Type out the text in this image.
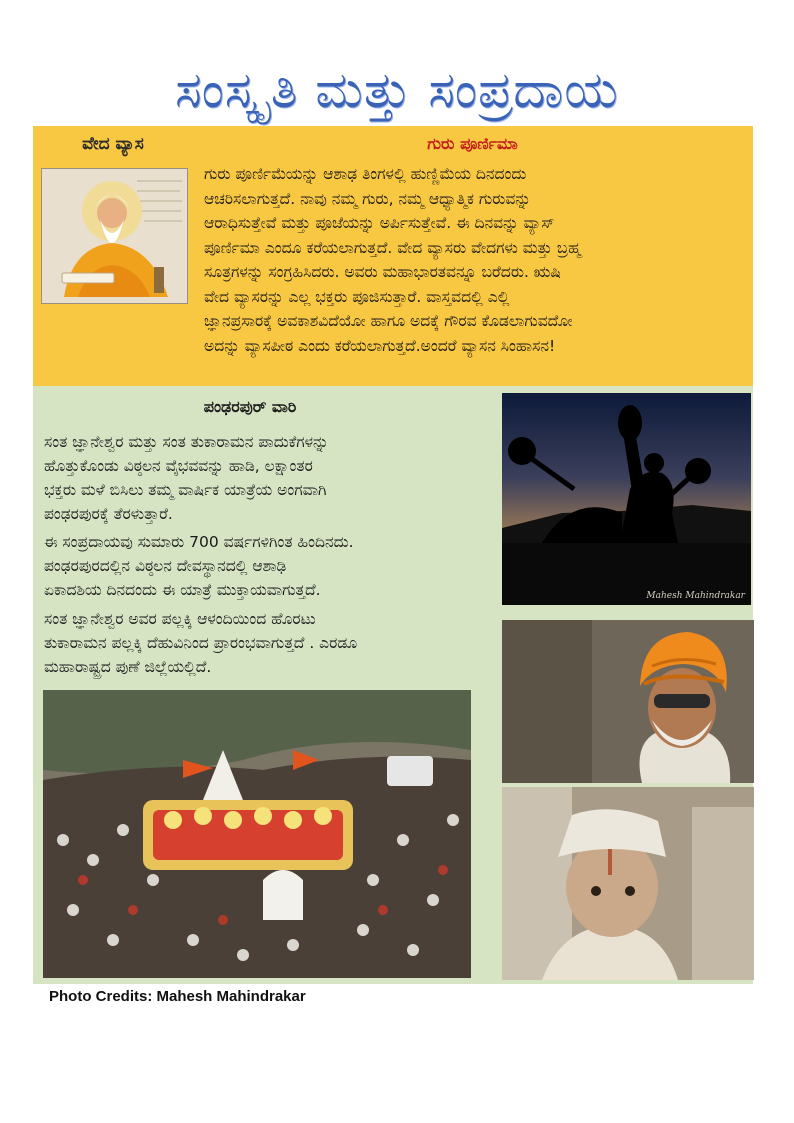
ಸಂಸ್ಕೃತಿ ಮತ್ತು ಸಂಪ್ರದಾಯ
ವೇದ ವ್ಯಾಸ	ಗುರು ಪೂರ್ಣಿಮಾ
ಗುರು ಪೂರ್ಣಿಮೆಯನ್ನು ಆಶಾಢ ತಿಂಗಳಲ್ಲಿ ಹುಣ್ಣಿಮೆಯ ದಿನದಂದು
ಆಚರಿಸಲಾಗುತ್ತದೆ. ನಾವು ನಮ್ಮ ಗುರು, ನಮ್ಮ ಆಧ್ಯಾತ್ಮಿಕ ಗುರುವನ್ನು
ಆರಾಧಿಸುತ್ತೇವೆ ಮತ್ತು ಪೂಜೆಯನ್ನು ಅರ್ಪಿಸುತ್ತೇವೆ. ಈ ದಿನವನ್ನು ವ್ಯಾಸ್
ಪೂರ್ಣಿಮಾ ಎಂದೂ ಕರೆಯಲಾಗುತ್ತದೆ. ವೇದ ವ್ಯಾಸರು ವೇದಗಳು ಮತ್ತು ಬ್ರಹ್ಮ
ಸೂತ್ರಗಳನ್ನು ಸಂಗ್ರಹಿಸಿದರು. ಅವರು ಮಹಾಭಾರತವನ್ನೂ ಬರೆದರು. ಋಷಿ
ವೇದ ವ್ಯಾಸರನ್ನು ಎಲ್ಲ ಭಕ್ತರು ಪೂಜಿಸುತ್ತಾರೆ. ವಾಸ್ತವದಲ್ಲಿ ಎಲ್ಲಿ
ಜ್ಞಾನಪ್ರಸಾರಕ್ಕೆ ಅವಕಾಶವಿದೆಯೋ ಹಾಗೂ ಅದಕ್ಕೆ ಗೌರವ ಕೊಡಲಾಗುವದೋ
ಅದನ್ನು ವ್ಯಾಸಪೀಠ ಎಂದು ಕರೆಯಲಾಗುತ್ತದೆ.ಅಂದರೆ ವ್ಯಾಸನ ಸಿಂಹಾಸನ!
ಪಂಢರಪುರ್ ವಾರಿ
ಸಂತ ಜ್ಞಾನೇಶ್ವರ ಮತ್ತು ಸಂತ ತುಕಾರಾಮನ ಪಾದುಕೆಗಳನ್ನು
ಹೊತ್ತುಕೊಂಡು ವಿಠ್ಠಲನ ವೈಭವವನ್ನು ಹಾಡಿ, ಲಕ್ಷಾಂತರ
ಭಕ್ತರು ಮಳೆ ಬಿಸಿಲು ತಮ್ಮ ವಾರ್ಷಿಕ ಯಾತ್ರೆಯ ಅಂಗವಾಗಿ
ಪಂಢರಪುರಕ್ಕೆ ತೆರಳುತ್ತಾರೆ.
ಈ ಸಂಪ್ರದಾಯವು ಸುಮಾರು 700 ವರ್ಷಗಳಿಗಿಂತ ಹಿಂದಿನದು.
ಪಂಢರಪುರದಲ್ಲಿನ ವಿಠ್ಠಲನ ದೇವಸ್ಥಾನದಲ್ಲಿ ಆಶಾಢಿ
ಏಕಾದಶಿಯ ದಿನದಂದು ಈ ಯಾತ್ರೆ ಮುಕ್ತಾಯವಾಗುತ್ತದೆ.
ಸಂತ ಜ್ಞಾನೇಶ್ವರ ಅವರ ಪಲ್ಲಕ್ಕಿ ಆಳಂದಿಯಿಂದ ಹೊರಟು
ತುಕಾರಾಮನ ಪಲ್ಲಕ್ಕಿ ದೆಹುವಿನಿಂದ ಪ್ರಾರಂಭವಾಗುತ್ತದೆ . ಎರಡೂ
ಮಹಾರಾಷ್ಟ್ರದ ಪುಣೆ ಜಿಲ್ಲೆಯಲ್ಲಿದೆ.
Mahesh Mahindrakar
Photo Credits: Mahesh Mahindrakar
